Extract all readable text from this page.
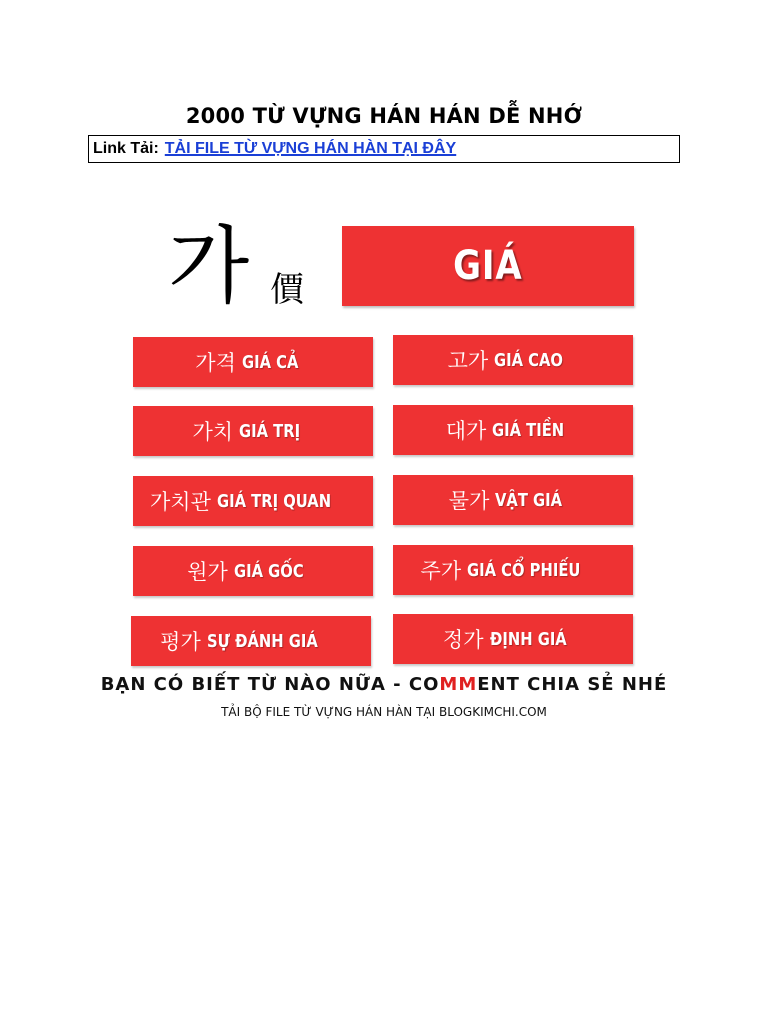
2000 TỪ VỰNG HÁN HÁN DỄ NHỚ
Link Tải: TẢI FILE TỪ VỰNG HÁN HÀN TẠI ĐÂY
가 價
GIÁ
가격 GIÁ CẢ	고가 GIÁ CAO
가치 GIÁ TRỊ	대가 GIÁ TIỀN
가치관 GIÁ TRỊ QUAN	물가 VẬT GIÁ
원가 GIÁ GỐC	주가 GIÁ CỔ PHIẾU
평가 SỰ ĐÁNH GIÁ	정가 ĐỊNH GIÁ
BẠN CÓ BIẾT TỪ NÀO NỮA - COMMENT CHIA SẺ NHÉ
TẢI BỘ FILE TỪ VỰNG HÁN HÀN TẠI BLOGKIMCHI.COM
